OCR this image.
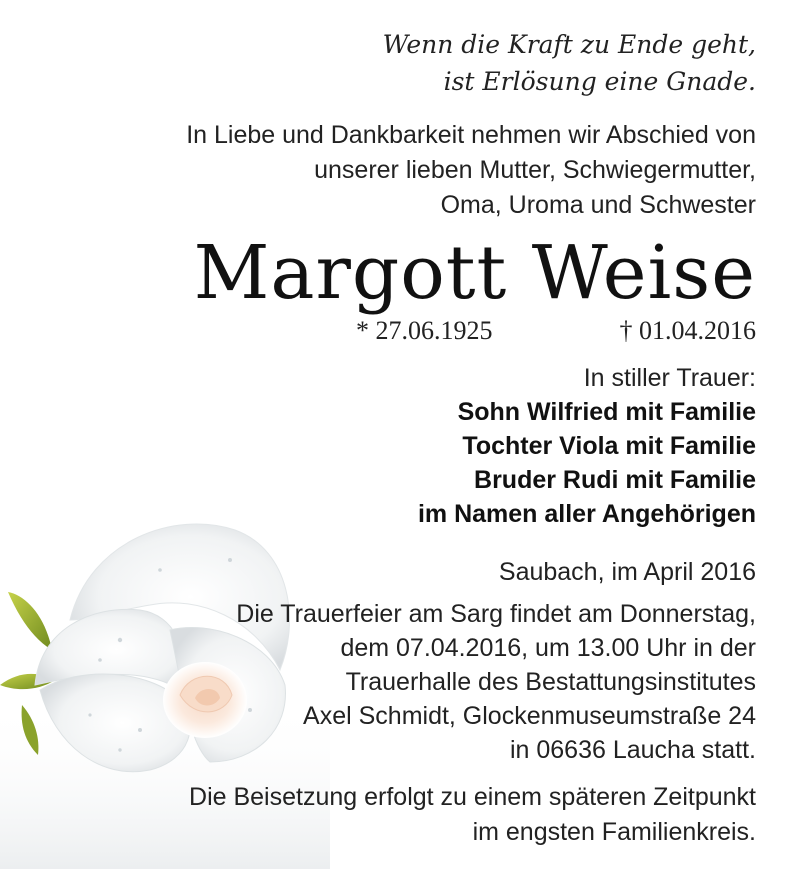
Wenn die Kraft zu Ende geht,
ist Erlösung eine Gnade.
In Liebe und Dankbarkeit nehmen wir Abschied von
unserer lieben Mutter, Schwiegermutter,
Oma, Uroma und Schwester
Margott Weise
* 27.06.1925	† 01.04.2016
In stiller Trauer:
Sohn Wilfried mit Familie
Tochter Viola mit Familie
Bruder Rudi mit Familie
im Namen aller Angehörigen
Saubach, im April 2016
Die Trauerfeier am Sarg findet am Donnerstag,
dem 07.04.2016, um 13.00 Uhr in der
Trauerhalle des Bestattungsinstitutes
Axel Schmidt, Glockenmuseumstraße 24
in 06636 Laucha statt.
Die Beisetzung erfolgt zu einem späteren Zeitpunkt
im engsten Familienkreis.
